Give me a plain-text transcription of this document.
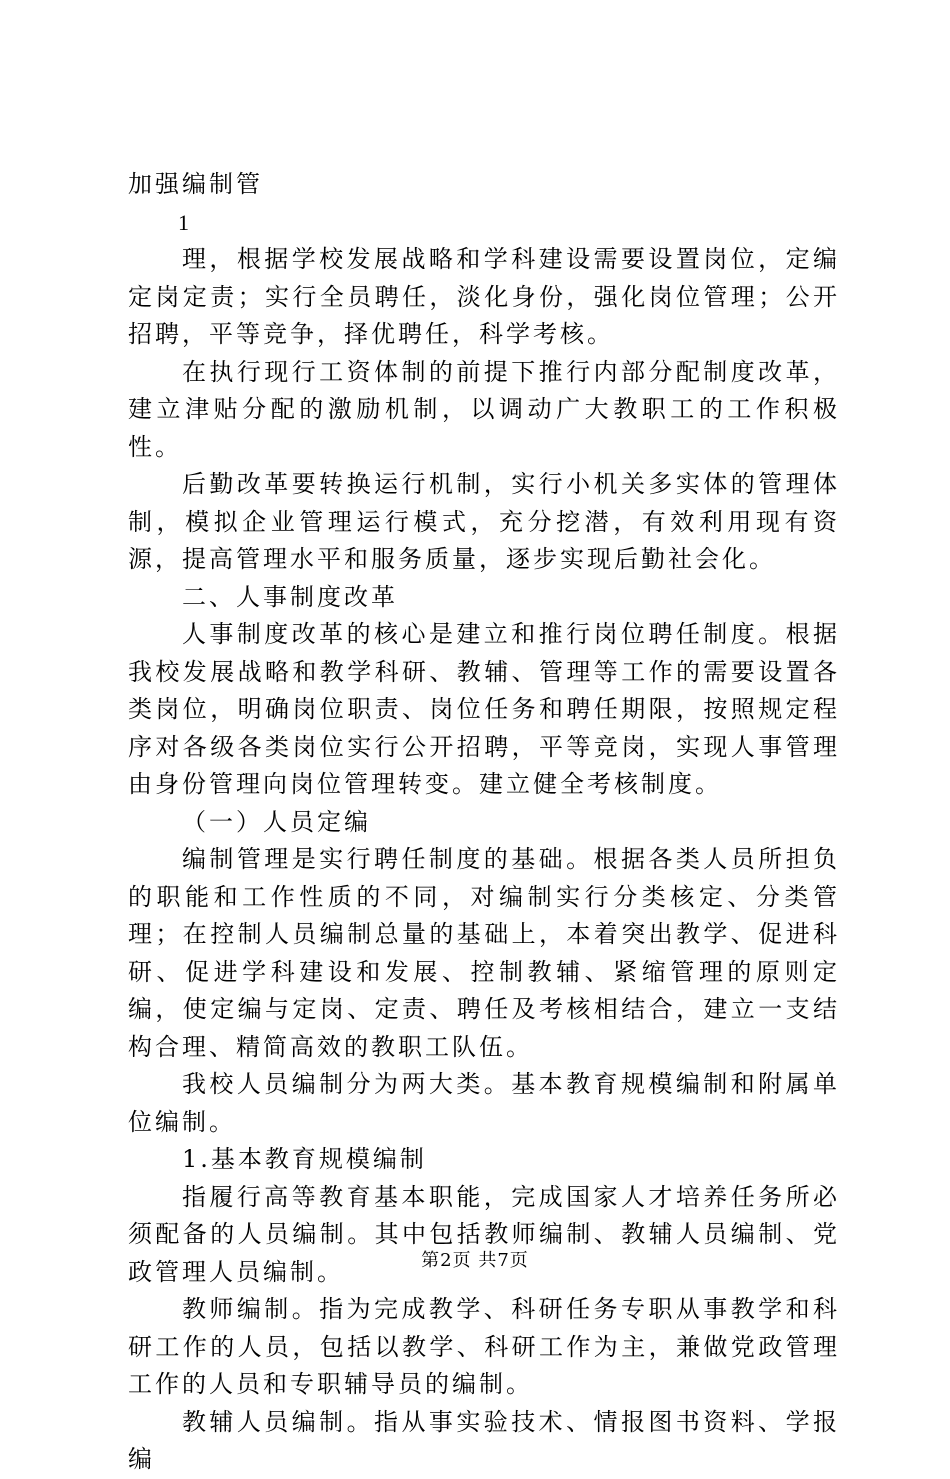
加强编制管
1
理，根据学校发展战略和学科建设需要设置岗位，定编定岗定责；实行全员聘任，淡化身份，强化岗位管理；公开招聘，平等竞争，择优聘任，科学考核。
在执行现行工资体制的前提下推行内部分配制度改革，建立津贴分配的激励机制，以调动广大教职工的工作积极性。
后勤改革要转换运行机制，实行小机关多实体的管理体制，模拟企业管理运行模式，充分挖潜，有效利用现有资源，提高管理水平和服务质量，逐步实现后勤社会化。
二、人事制度改革
人事制度改革的核心是建立和推行岗位聘任制度。根据我校发展战略和教学科研、教辅、管理等工作的需要设置各类岗位，明确岗位职责、岗位任务和聘任期限，按照规定程序对各级各类岗位实行公开招聘，平等竞岗，实现人事管理由身份管理向岗位管理转变。建立健全考核制度。
（一）人员定编
编制管理是实行聘任制度的基础。根据各类人员所担负的职能和工作性质的不同，对编制实行分类核定、分类管理；在控制人员编制总量的基础上，本着突出教学、促进科研、促进学科建设和发展、控制教辅、紧缩管理的原则定编，使定编与定岗、定责、聘任及考核相结合，建立一支结构合理、精简高效的教职工队伍。
我校人员编制分为两大类。基本教育规模编制和附属单位编制。
1.基本教育规模编制
指履行高等教育基本职能，完成国家人才培养任务所必须配备的人员编制。其中包括教师编制、教辅人员编制、党政管理人员编制。
教师编制。指为完成教学、科研任务专职从事教学和科研工作的人员，包括以教学、科研工作为主，兼做党政管理工作的人员和专职辅导员的编制。
教辅人员编制。指从事实验技术、情报图书资料、学报编
第2页 共7页
